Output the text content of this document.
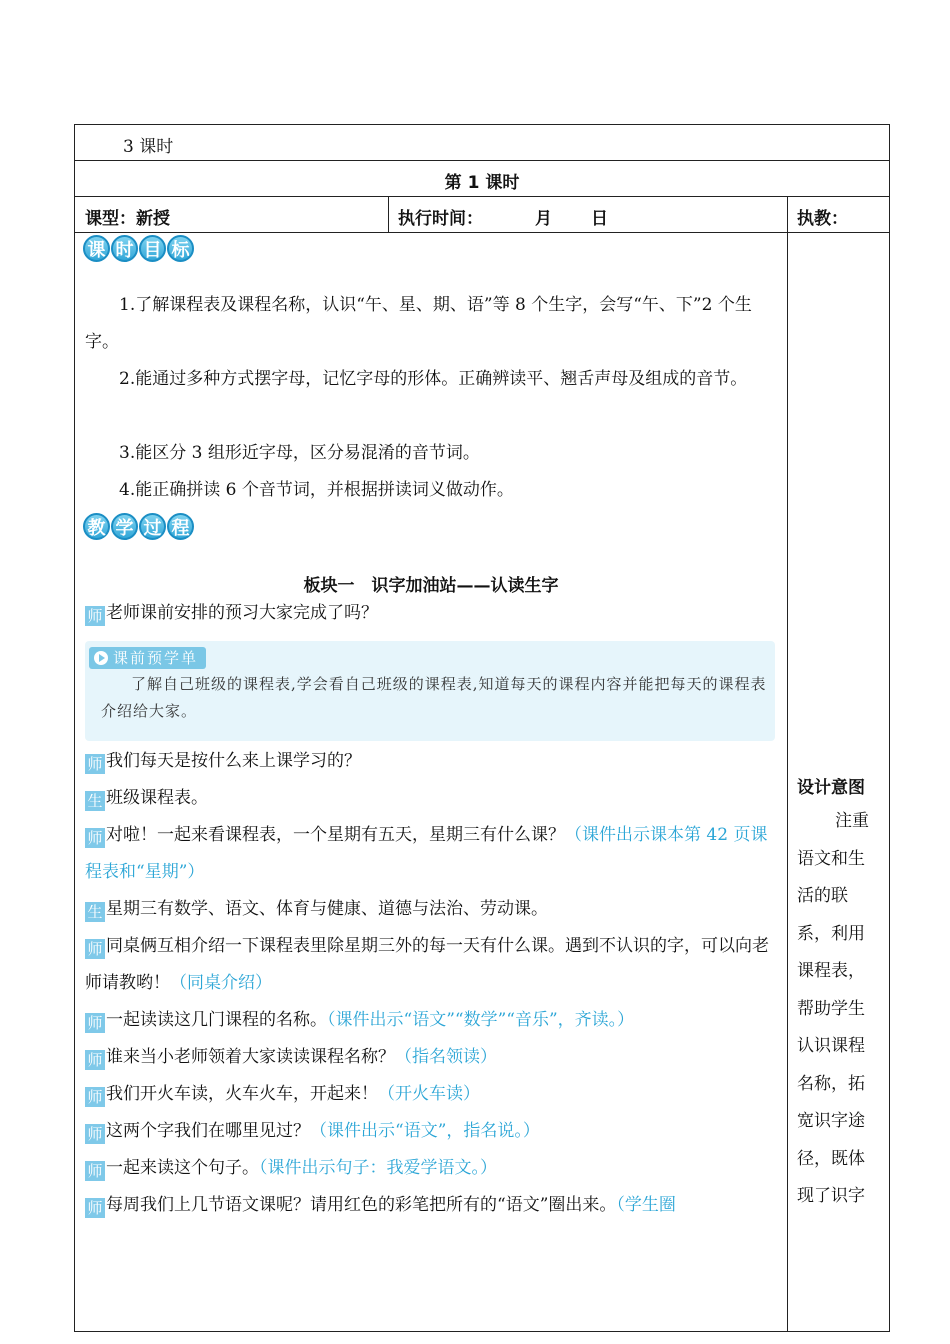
3 课时
第 1 课时
课型：新授	执行时间：	月 日	执教：
课 时 目 标
1.了解课程表及课程名称，认识“午、星、期、语”等 8 个生字，会写“午、下”2 个生字。
2.能通过多种方式摆字母，记忆字母的形体。正确辨读平、翘舌声母及组成的音节。
3.能区分 3 组形近字母，区分易混淆的音节词。
4.能正确拼读 6 个音节词，并根据拼读词义做动作。
教 学 过 程
板块一　识字加油站——认读生字
师 老师课前安排的预习大家完成了吗？
课前预学单
了解自己班级的课程表,学会看自己班级的课程表,知道每天的课程内容并能把每天的课程表介绍给大家。
师 我们每天是按什么来上课学习的？
生 班级课程表。
师 对啦！一起来看课程表，一个星期有五天，星期三有什么课？（课件出示课本第 42 页课程表和“星期”）
生 星期三有数学、语文、体育与健康、道德与法治、劳动课。
师 同桌俩互相介绍一下课程表里除星期三外的每一天有什么课。遇到不认识的字，可以向老师请教哟！（同桌介绍）
师 一起读读这几门课程的名称。（课件出示“语文”“数学”“音乐”，齐读。）
师 谁来当小老师领着大家读读课程名称？（指名领读）
师 我们开火车读，火车火车，开起来！（开火车读）
师 这两个字我们在哪里见过？（课件出示“语文”，指名说。）
师 一起来读这个句子。（课件出示句子：我爱学语文。）
师 每周我们上几节语文课呢？请用红色的彩笔把所有的“语文”圈出来。（学生圈
设计意图
注重语文和生活的联系，利用课程表，帮助学生认识课程名称，拓宽识字途径，既体现了识字
